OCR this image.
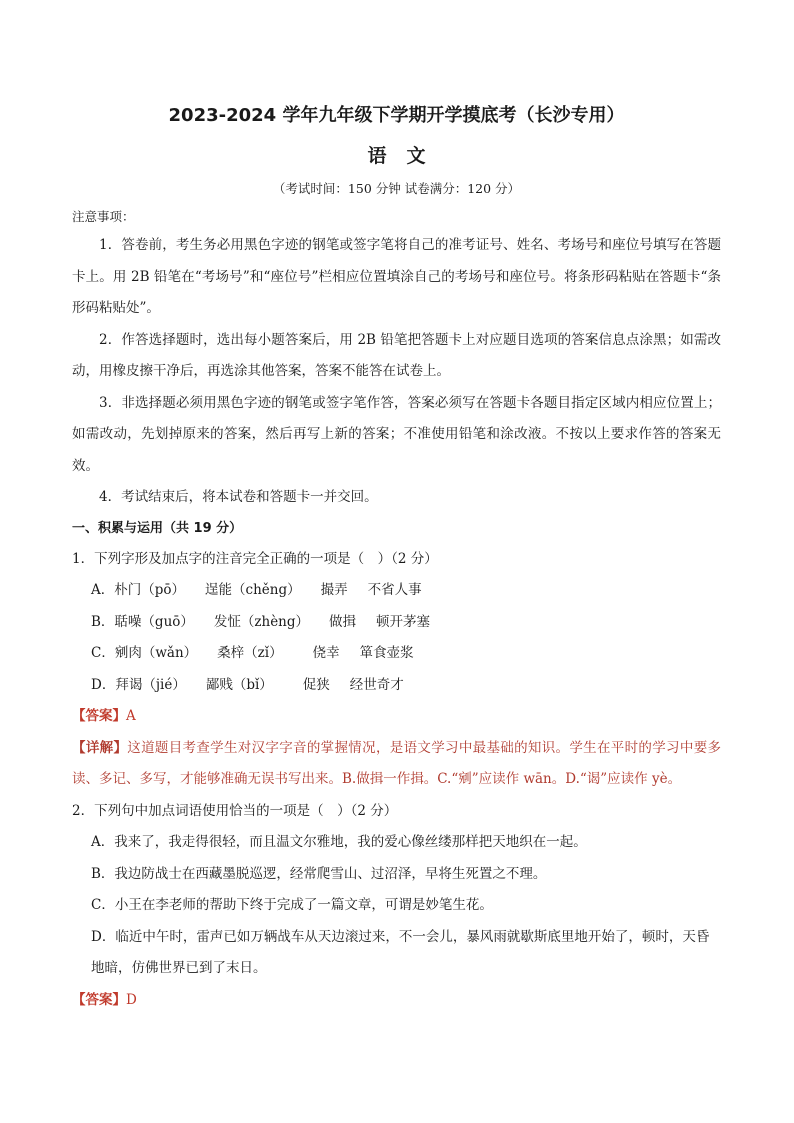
2023-2024 学年九年级下学期开学摸底考（长沙专用）
语文
（考试时间：150 分钟 试卷满分：120 分）
注意事项：

1．答卷前，考生务必用黑色字迹的钢笔或签字笔将自己的准考证号、姓名、考场号和座位号填写在答题卡上。用 2B 铅笔在“考场号”和“座位号”栏相应位置填涂自己的考场号和座位号。将条形码粘贴在答题卡“条形码粘贴处”。

2．作答选择题时，选出每小题答案后，用 2B 铅笔把答题卡上对应题目选项的答案信息点涂黑；如需改动，用橡皮擦干净后，再选涂其他答案，答案不能答在试卷上。

3．非选择题必须用黑色字迹的钢笔或签字笔作答，答案必须写在答题卡各题目指定区域内相应位置上；如需改动，先划掉原来的答案，然后再写上新的答案；不准使用铅笔和涂改液。不按以上要求作答的答案无效。

4．考试结束后，将本试卷和答题卡一并交回。

一、积累与运用（共 19 分）

1．下列字形及加点字的注音完全正确的一项是（　）（2 分）

A．朴门（pō） 逞能（chěng） 撮弄 不省人事

B．聒噪（guō） 发怔（zhèng） 做揖 顿开茅塞

C．剜肉（wǎn） 桑梓（zǐ） 侥幸 箪食壶浆

D．拜谒（jié） 鄙贱（bǐ） 促狭 经世奇才

【答案】A

【详解】这道题目考查学生对汉字字音的掌握情况，是语文学习中最基础的知识。学生在平时的学习中要多读、多记、多写，才能够准确无误书写出来。B.做揖一作揖。C.“剜”应读作 wān。D.“谒”应读作 yè。

2．下列句中加点词语使用恰当的一项是（　）（2 分）

A．我来了，我走得很轻，而且温文尔雅地，我的爱心像丝缕那样把天地织在一起。

B．我边防战士在西藏墨脱巡逻，经常爬雪山、过沼泽，早将生死置之不理。

C．小王在李老师的帮助下终于完成了一篇文章，可谓是妙笔生花。

D．临近中午时，雷声已如万辆战车从天边滚过来，不一会儿，暴风雨就歇斯底里地开始了，顿时，天昏地暗，仿佛世界已到了末日。

【答案】D
